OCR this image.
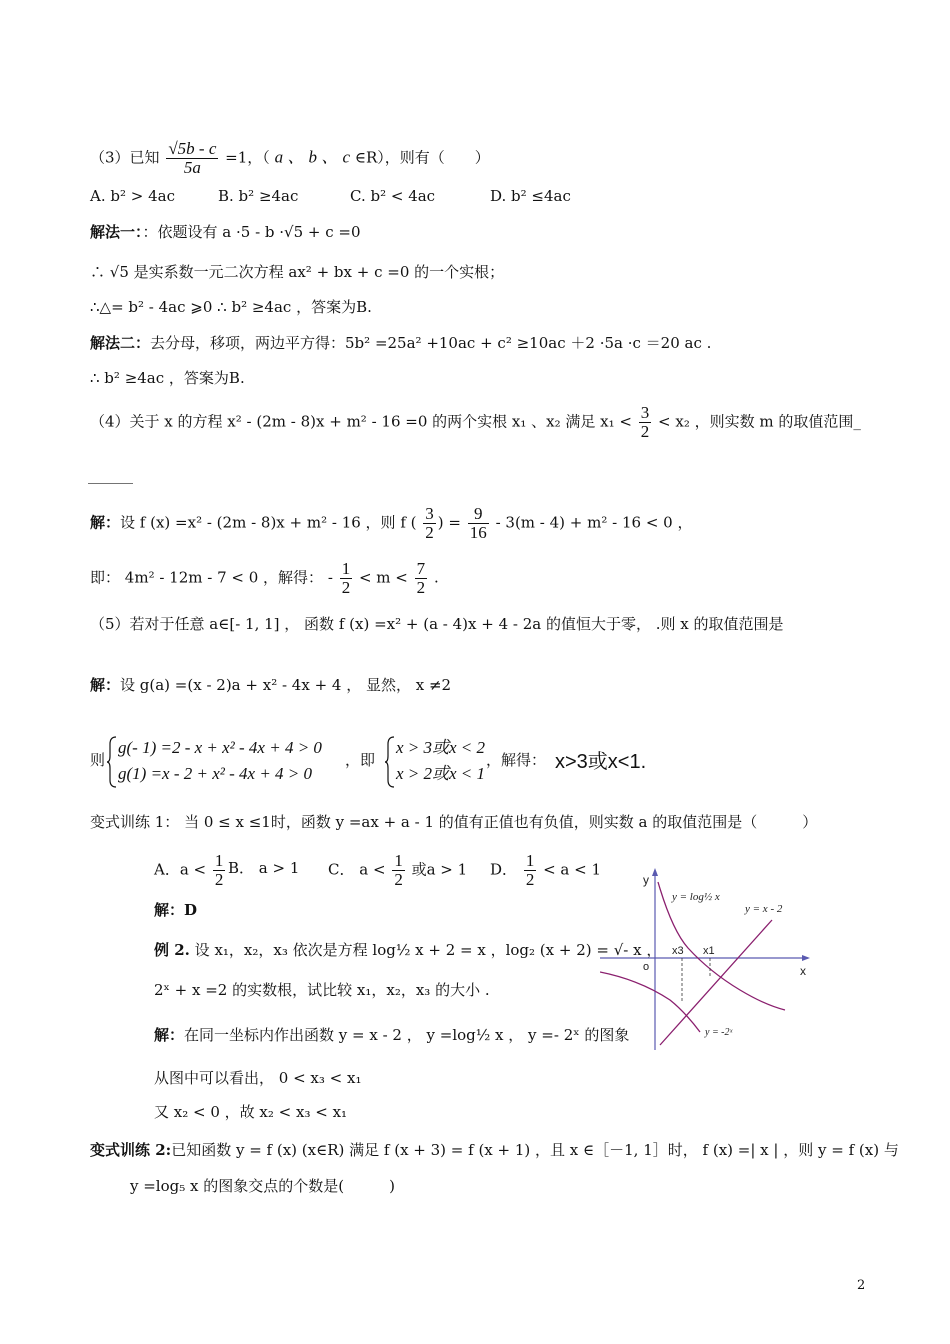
（3）已知 $\frac{√5b - c}{5a} =1$，（ a 、 b 、 c ∈R），则有（　　）
A. b² > 4ac	B. b² ≥4ac	C. b² < 4ac	D. b² ≤4ac
解法一：：依题设有 a ·5 - b ·√5 + c =0
∴ √5 是实系数一元二次方程 ax² + bx + c =0 的一个实根；
∴△= b² - 4ac ⩾0 ∴ b² ≥4ac ，答案为B.
解法二：去分母，移项，两边平方得：5b² =25a² +10ac + c² ≥10ac ＋2 ·5a ·c ＝20 ac .
∴ b² ≥4ac ，答案为B.
（4）关于 x 的方程 x² - (2m - 8)x + m² - 16 =0 的两个实根 x₁ 、x₂ 满足 $x_1 < \frac{3}{2} < x_2$ ，则实数 m 的取值范围_
______
解：设 f (x) =x² - (2m - 8)x + m² - 16 ，则 f ( $\frac{3}{2}$ ) = $\frac{9}{16} - 3(m - 4) + m^2 - 16 < 0$ ，
即： 4m² - 12m - 7 < 0 ，解得： - $\frac{1}{2} < m < \frac{7}{2}$ .
（5）若对于任意 a∈[- 1, 1] ， 函数 f (x) =x² + (a - 4)x + 4 - 2a 的值恒大于零， .则 x 的取值范围是
解：设 g(a) =(x - 2)a + x² - 4x + 4 ， 显然， x ≠2
则
g(- 1) =2 - x + x² - 4x + 4 > 0
g(1) =x - 2 + x² - 4x + 4 > 0
，即
x > 3或x < 2
x > 2或x < 1
，解得： x>3或x<1.
变式训练 1： 当 0 ≤ x ≤1时，函数 y =ax + a - 1 的值有正值也有负值，则实数 a 的取值范围是（　　　）
A．$a < \frac{1}{2}$ B． a > 1 C． $a < \frac{1}{2}$ 或a > 1 D． $\frac{1}{2} < a < 1$
解：D
例 2. 设 x₁，x₂，x₃ 依次是方程 log½ x + 2 = x ，log₂ (x + 2) = √- x ，
2ˣ + x =2 的实数根，试比较 x₁，x₂，x₃ 的大小 .
解：在同一坐标内作出函数 y = x - 2 ， y =log½ x ， y =- 2ˣ 的图象
从图中可以看出， 0 < x₃ < x₁
又 x₂ < 0 ，故 x₂ < x₃ < x₁
y
x
o
x3 x1
y = log½ x
y = x - 2
y = -2ˣ
变式训练 2:已知函数 y = f (x) (x∈R) 满足 f (x + 3) = f (x + 1) ，且 x ∈［－1, 1］时， f (x) =| x | ，则 y = f (x) 与
y =log₅ x 的图象交点的个数是(　　　)
2
